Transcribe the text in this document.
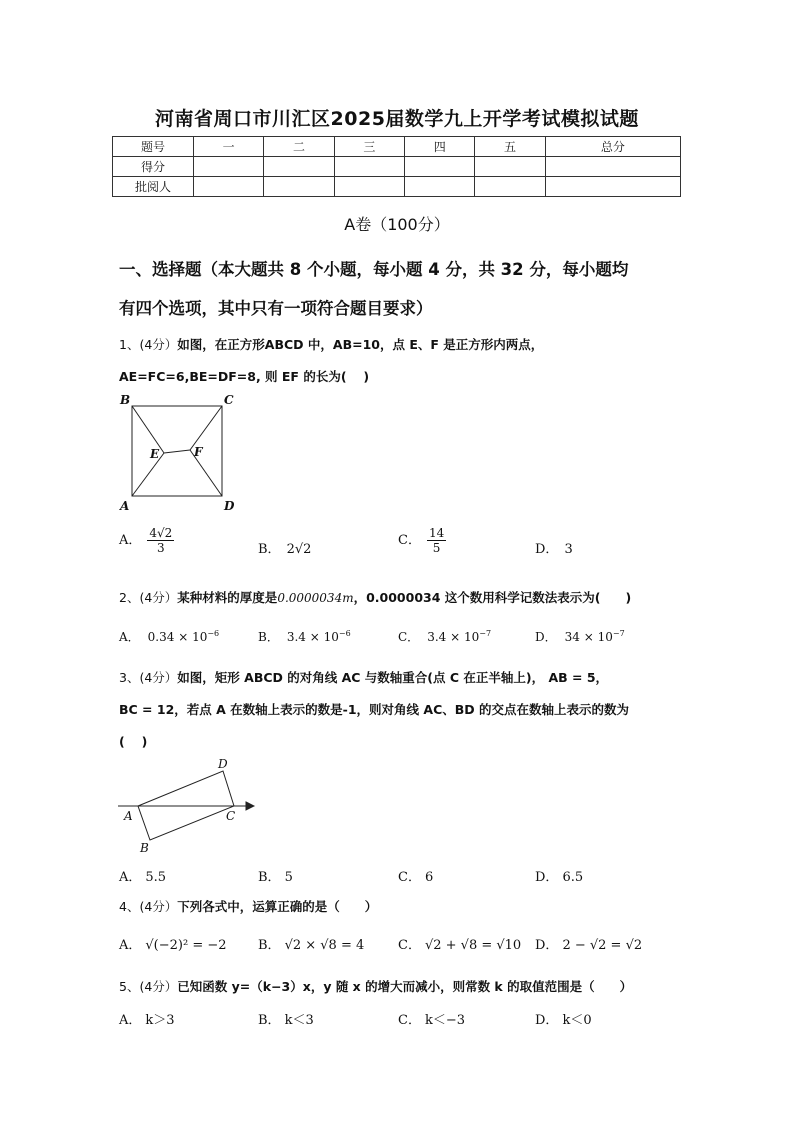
河南省周口市川汇区2025届数学九上开学考试模拟试题
题号	一	二	三	四	五	总分
得分						
批阅人						
A卷（100分）
一、选择题（本大题共 8 个小题，每小题 4 分，共 32 分，每小题均
有四个选项，其中只有一项符合题目要求）
1、(4分）如图，在正方形ABCD 中，AB=10，点 E、F 是正方形内两点，
AE=FC=6,BE=DF=8, 则 EF 的长为(　 )
B	C
A	D
E	F
A． $\frac{4√2}{3}$	B． 2√2
C． $\frac{14}{5}$	D． 3
2、(4分）某种材料的厚度是0.0000034m，0.0000034 这个数用科学记数法表示为(　　)
A． $0.34 \times 10^{-6}$	B． $3.4 \times 10^{-6}$	C． $3.4 \times 10^{-7}$	D． $34 \times 10^{-7}$
3、(4分）如图，矩形 ABCD 的对角线 AC 与数轴重合(点 C 在正半轴上)， AB = 5，
BC = 12，若点 A 在数轴上表示的数是-1，则对角线 AC、BD 的交点在数轴上表示的数为
(　 )
D
A	C
B
A． 5.5	B． 5	C． 6	D． 6.5
4、(4分）下列各式中，运算正确的是（　　）
A． √(−2)² = −2 B． √2 × √8 = 4	C． √2 + √8 = √10 D． 2 − √2 = √2
5、(4分）已知函数 y=（k−3）x，y 随 x 的增大而减小，则常数 k 的取值范围是（　　）
A． k＞3	B． k＜3	C． k＜−3	D． k＜0
